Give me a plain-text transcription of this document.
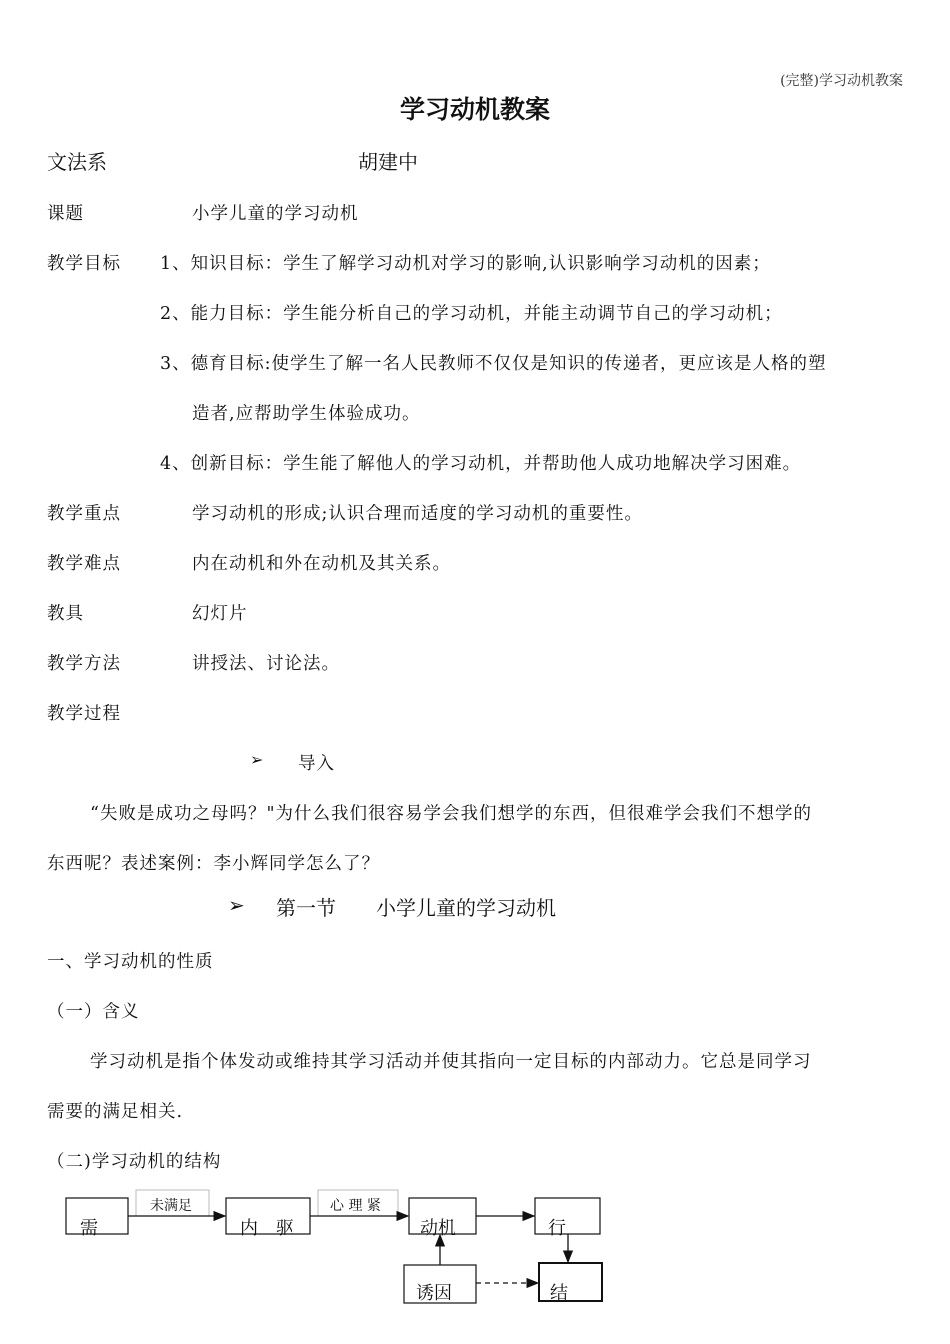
(完整)学习动机教案
学习动机教案
文法系	胡建中
课题	小学儿童的学习动机
教学目标 1、知识目标：学生了解学习动机对学习的影响,认识影响学习动机的因素；
2、能力目标：学生能分析自己的学习动机，并能主动调节自己的学习动机；
3、德育目标:使学生了解一名人民教师不仅仅是知识的传递者，更应该是人格的塑
造者,应帮助学生体验成功。
4、创新目标：学生能了解他人的学习动机，并帮助他人成功地解决学习困难。
教学重点	学习动机的形成;认识合理而适度的学习动机的重要性。
教学难点	内在动机和外在动机及其关系。
教具	幻灯片
教学方法	讲授法、讨论法。
教学过程
➢ 导入
“失败是成功之母吗？"为什么我们很容易学会我们想学的东西，但很难学会我们不想学的
东西呢？表述案例：李小辉同学怎么了？
➢ 第一节 小学儿童的学习动机
一、学习动机的性质
（一）含义
学习动机是指个体发动或维持其学习活动并使其指向一定目标的内部动力。它总是同学习
需要的满足相关.
（二)学习动机的结构
需
未满足
内　驱
心 理 紧
动机	行
诱因	结
